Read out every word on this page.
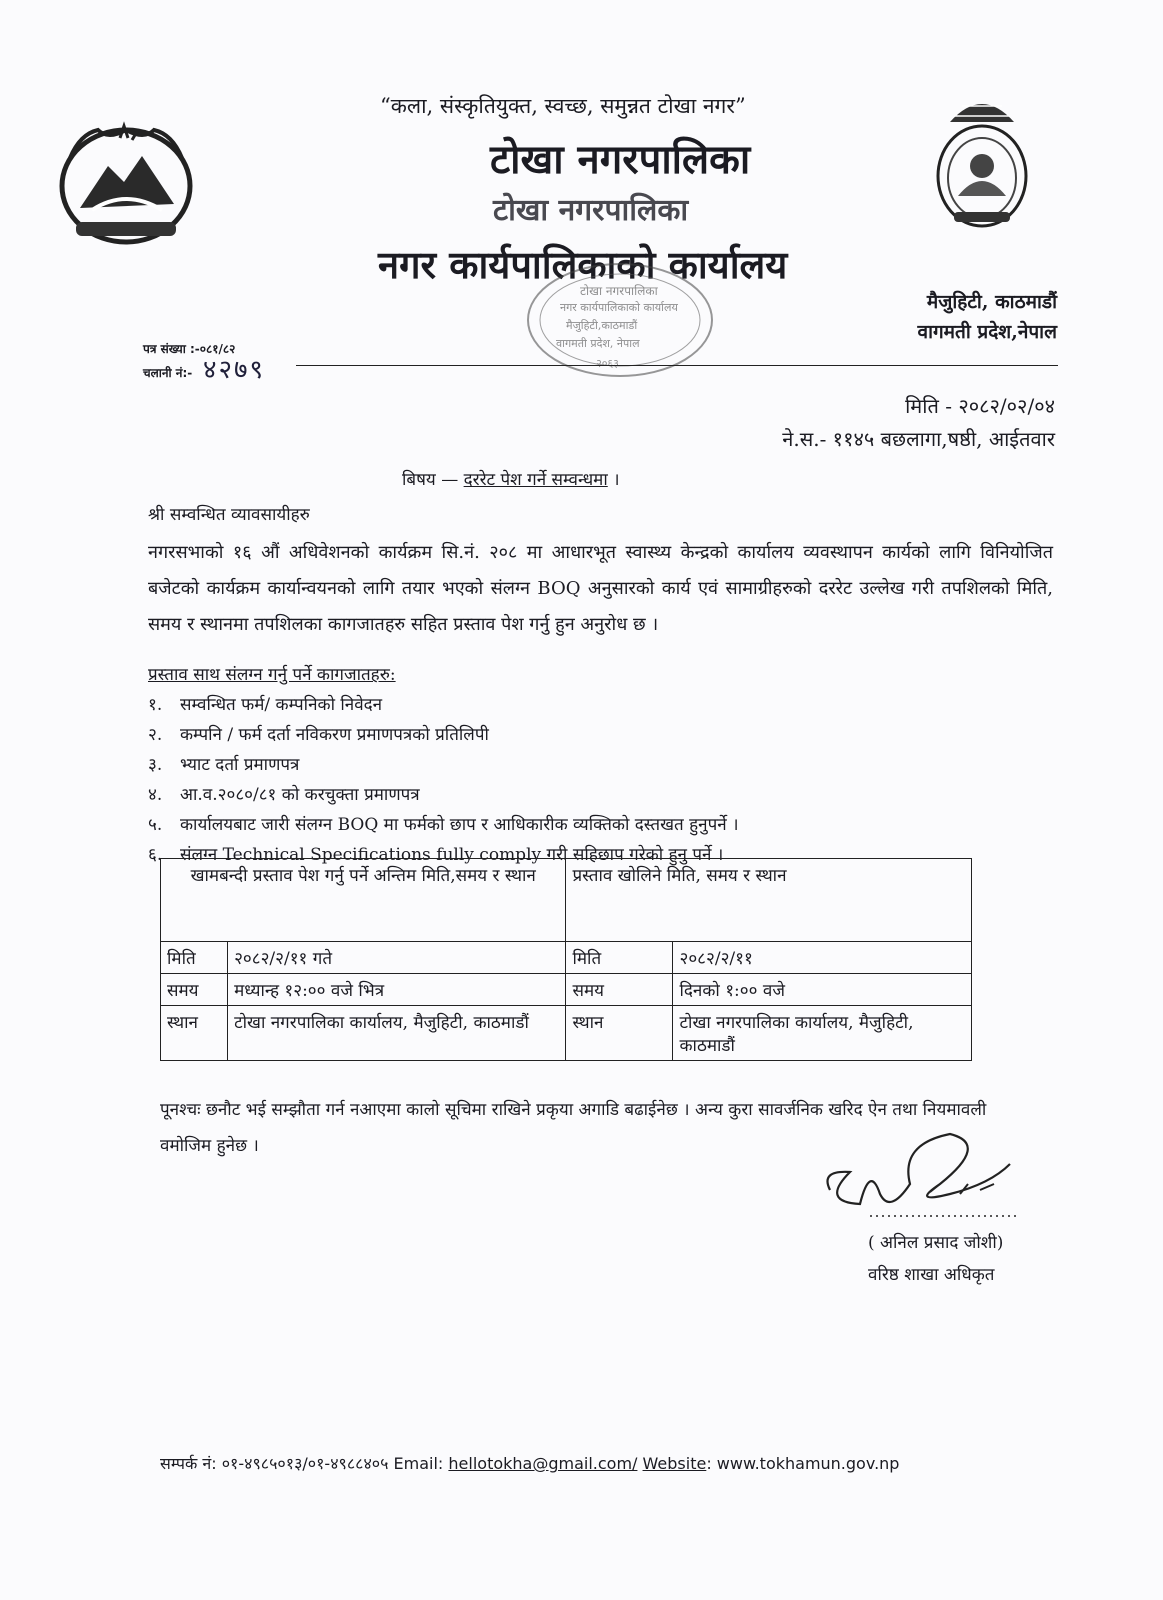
“कला, संस्कृतियुक्त, स्वच्छ, समुन्नत टोखा नगर”
टोखा नगरपालिका
टोखा नगरपालिका
नगर कार्यपालिकाको कार्यालय
टोखा नगरपालिका
नगर कार्यपालिकाको कार्यालय
मैजुहिटी,काठमाडौं
वागमती प्रदेश, नेपाल
२०६३
मैजुहिटी, काठमाडौं
वागमती प्रदेश,नेपाल
पत्र संख्या :-०८१/८२
चलानी नं:- ४२७९
मिति - २०८२/०२/०४
ने.स.- ११४५ बछलागा,षष्ठी, आईतवार
बिषय — दररेट पेश गर्ने सम्वन्धमा ।
श्री सम्वन्धित व्यावसायीहरु
नगरसभाको १६ औं अधिवेशनको कार्यक्रम सि.नं. २०८ मा आधारभूत स्वास्थ्य केन्द्रको कार्यालय व्यवस्थापन कार्यको लागि विनियोजित बजेटको कार्यक्रम कार्यान्वयनको लागि तयार भएको संलग्न BOQ अनुसारको कार्य एवं सामाग्रीहरुको दररेट उल्लेख गरी तपशिलको मिति, समय र स्थानमा तपशिलका कागजातहरु सहित प्रस्ताव पेश गर्नु हुन अनुरोध छ ।
प्रस्ताव साथ संलग्न गर्नु पर्ने कागजातहरु:
१. सम्वन्धित फर्म/ कम्पनिको निवेदन
२. कम्पनि / फर्म दर्ता नविकरण प्रमाणपत्रको प्रतिलिपी
३. भ्याट दर्ता प्रमाणपत्र
४. आ.व.२०८०/८१ को करचुक्ता प्रमाणपत्र
५. कार्यालयबाट जारी संलग्न BOQ मा फर्मको छाप र आधिकारीक व्यक्तिको दस्तखत हुनुपर्ने ।
६. संलग्न Technical Specifications fully comply गरी सहिछाप गरेको हुनु पर्ने ।
खामबन्दी प्रस्ताव पेश गर्नु पर्ने अन्तिम मिति,समय र स्थान		प्रस्ताव खोलिने मिति, समय र स्थान	
मिति	२०८२/२/११ गते	मिति	२०८२/२/११
समय	मध्यान्ह १२:०० वजे भित्र	समय	दिनको १:०० वजे
स्थान	टोखा नगरपालिका कार्यालय, मैजुहिटी, काठमाडौं	स्थान	टोखा नगरपालिका कार्यालय, मैजुहिटी, काठमाडौं
पूनश्चः छनौट भई सम्झौता गर्न नआएमा कालो सूचिमा राखिने प्रकृया अगाडि बढाईनेछ । अन्य कुरा सावर्जनिक खरिद ऐन तथा नियमावली वमोजिम हुनेछ ।
( अनिल प्रसाद जोशी)
वरिष्ठ शाखा अधिकृत
सम्पर्क नं: ०१-४९८५०१३/०१-४९८८४०५ Email: hellotokha@gmail.com/ Website: www.tokhamun.gov.np
